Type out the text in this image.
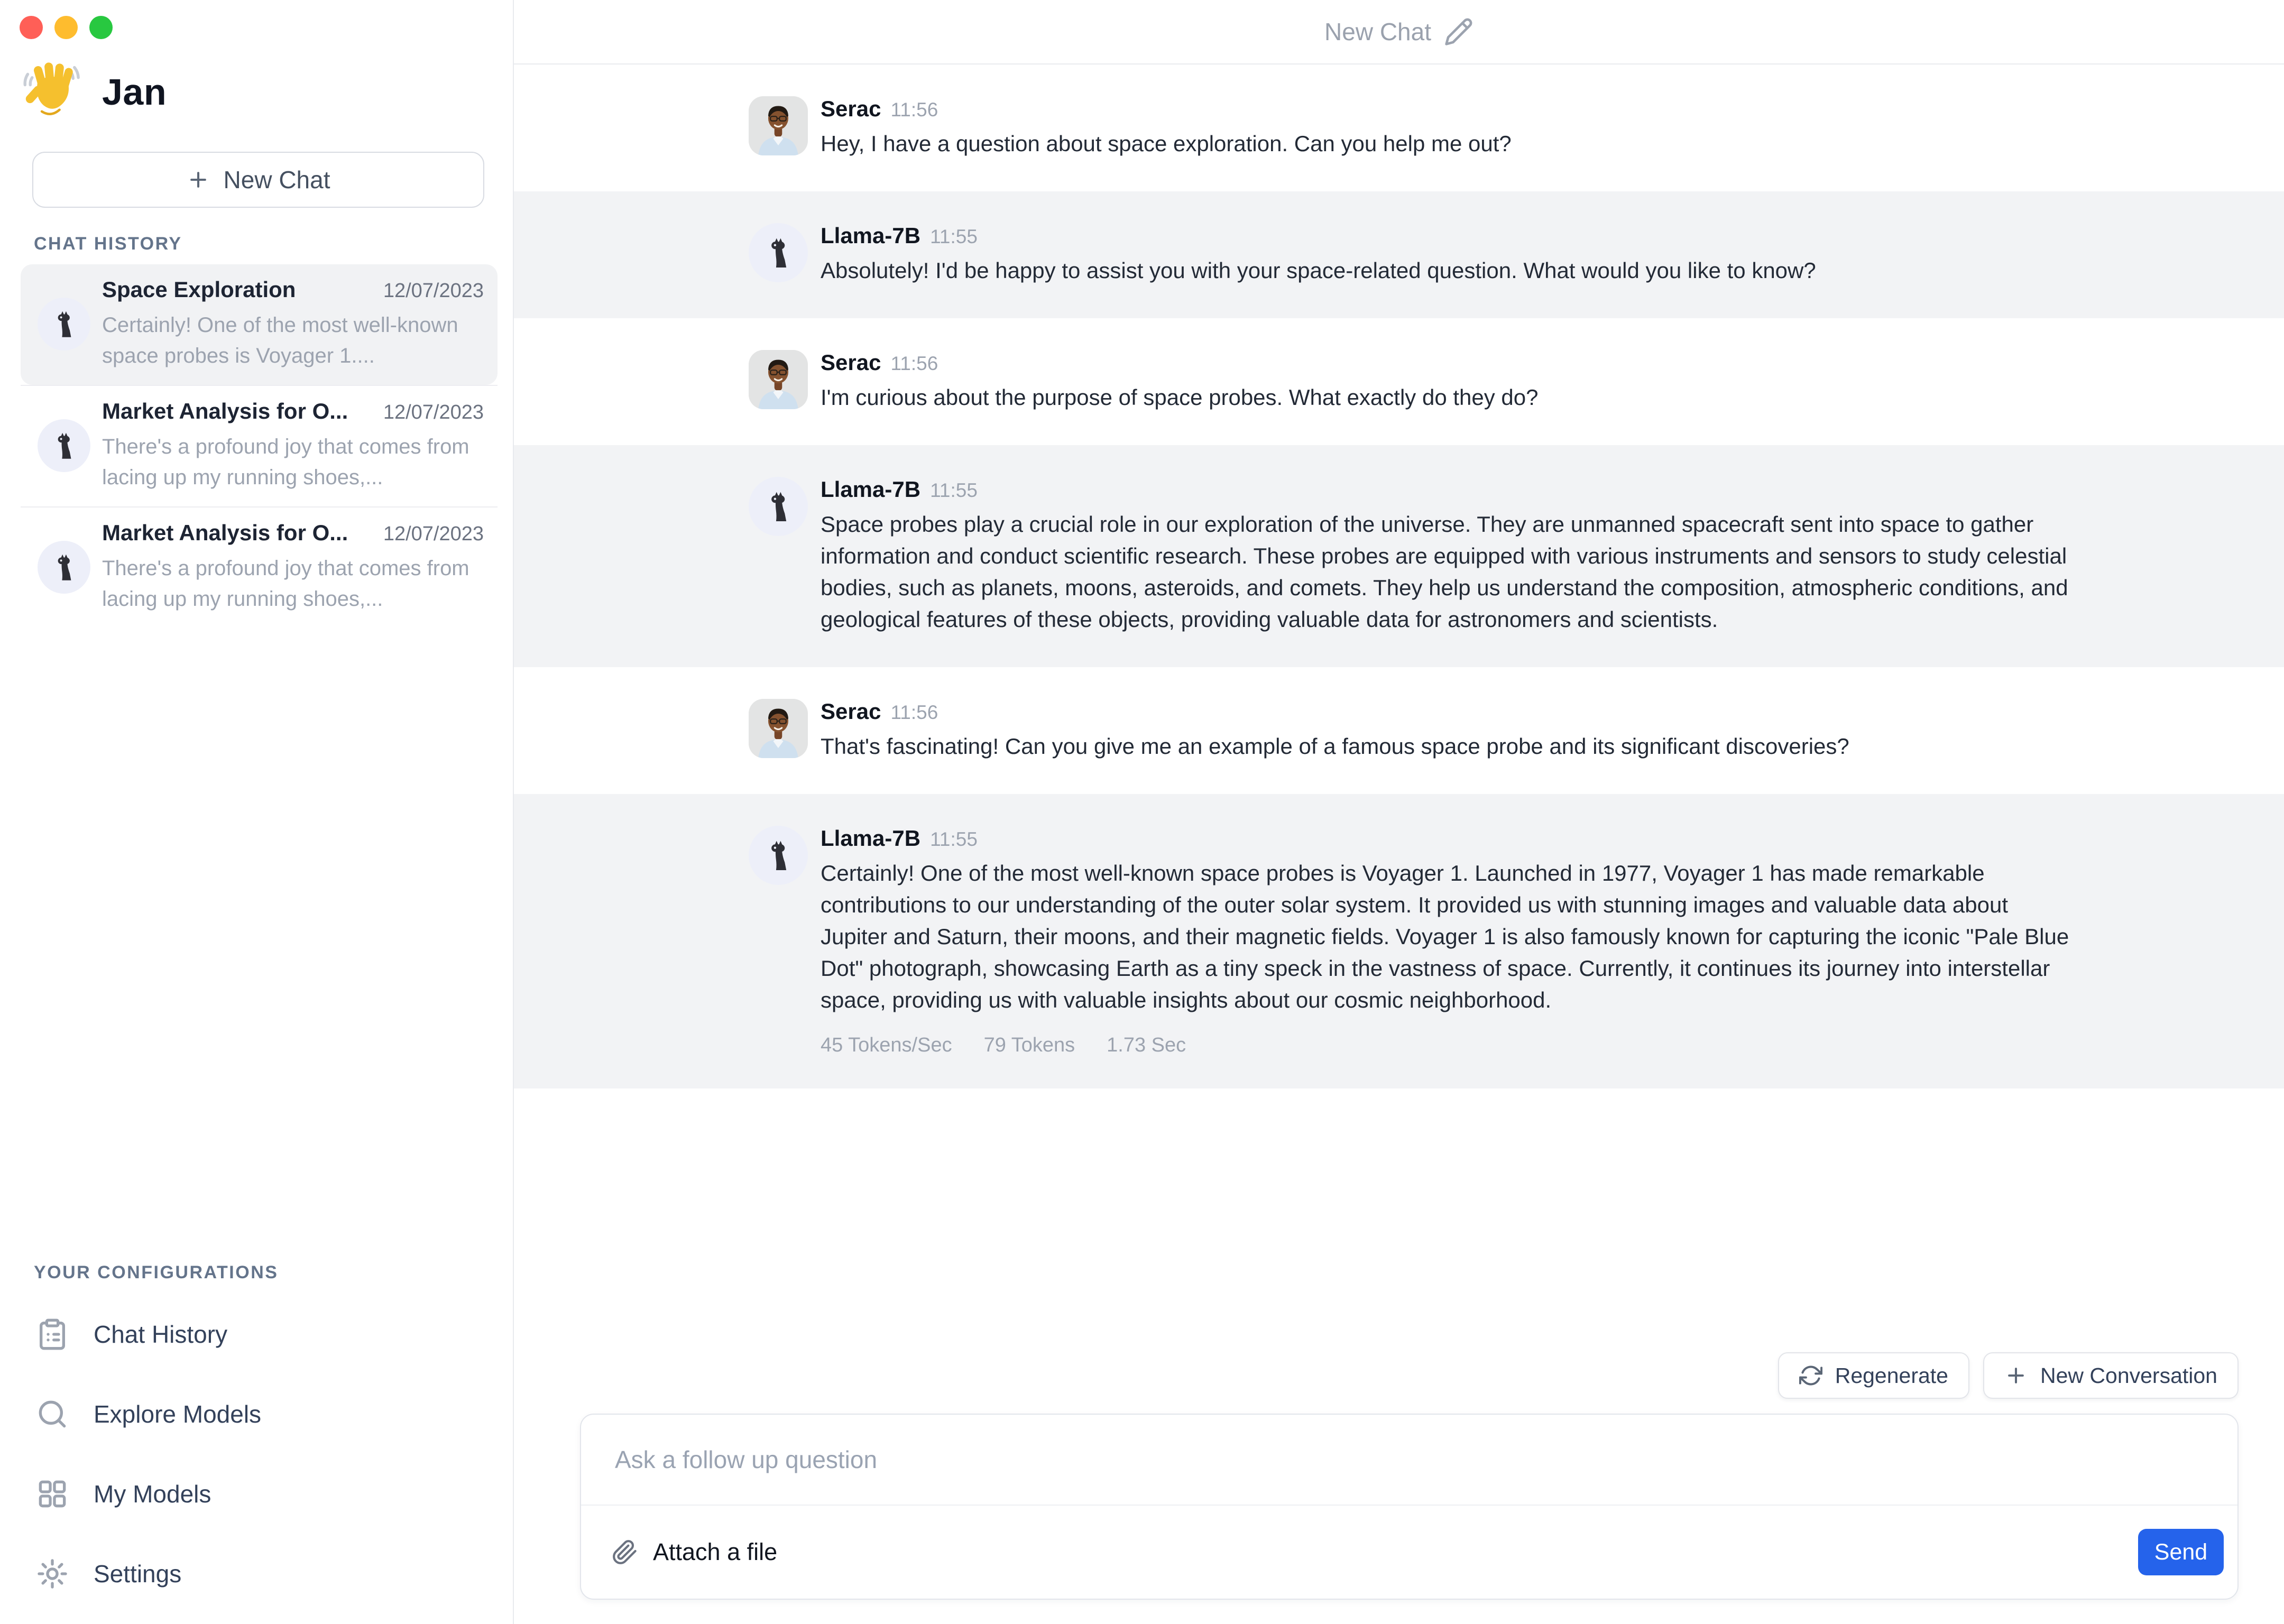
Jan
New Chat
CHAT HISTORY
Space Exploration	12/07/2023
Certainly! One of the most well-known space probes is Voyager 1....
Market Analysis for O... 12/07/2023
There's a profound joy that comes from lacing up my running shoes,...
Market Analysis for O... 12/07/2023
There's a profound joy that comes from lacing up my running shoes,...
YOUR CONFIGURATIONS
Chat History
Explore Models
My Models
Settings
New Chat
Serac 11:56
Hey, I have a question about space exploration. Can you help me out?
Llama-7B 11:55
Absolutely! I'd be happy to assist you with your space-related question. What would you like to know?
Serac 11:56
I'm curious about the purpose of space probes. What exactly do they do?
Llama-7B 11:55
Space probes play a crucial role in our exploration of the universe. They are unmanned spacecraft sent into space to gather information and conduct scientific research. These probes are equipped with various instruments and sensors to study celestial bodies, such as planets, moons, asteroids, and comets. They help us understand the composition, atmospheric conditions, and geological features of these objects, providing valuable data for astronomers and scientists.
Serac 11:56
That's fascinating! Can you give me an example of a famous space probe and its significant discoveries?
Llama-7B 11:55
Certainly! One of the most well-known space probes is Voyager 1. Launched in 1977, Voyager 1 has made remarkable contributions to our understanding of the outer solar system. It provided us with stunning images and valuable data about Jupiter and Saturn, their moons, and their magnetic fields. Voyager 1 is also famously known for capturing the iconic "Pale Blue Dot" photograph, showcasing Earth as a tiny speck in the vastness of space. Currently, it continues its journey into interstellar space, providing us with valuable insights about our cosmic neighborhood.
45 Tokens/Sec 79 Tokens 1.73 Sec
Regenerate	New Conversation
Ask a follow up question
Attach a file	Send
